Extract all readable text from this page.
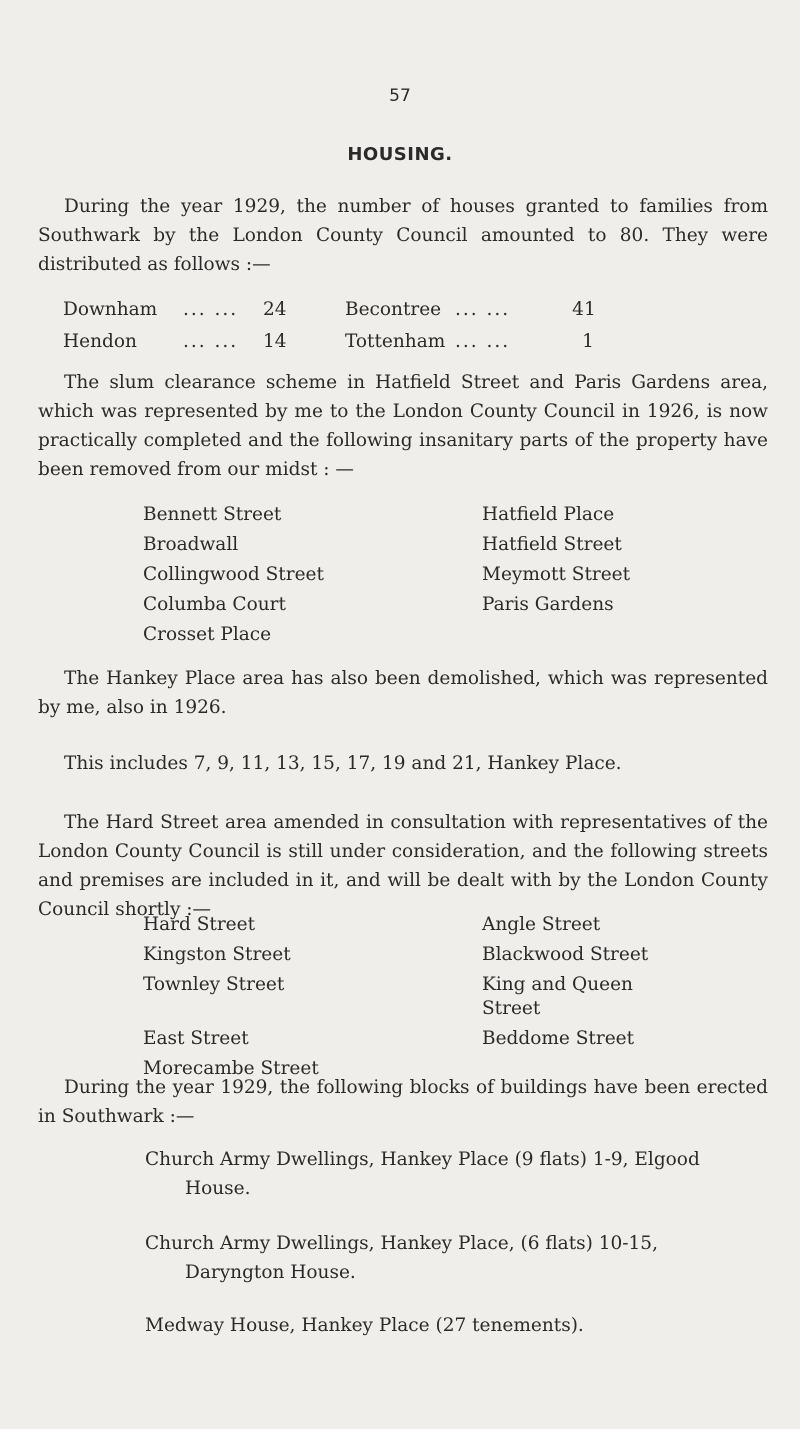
57
HOUSING.

During the year 1929, the number of houses granted to families from Southwark by the London County Council amounted to 80. They were distributed as follows :—

Downham	... ...	24	Becontree ... ...	41
Hendon	... ...	14	Tottenham ... ...	1

The slum clearance scheme in Hatfield Street and Paris Gardens area, which was represented by me to the London County Council in 1926, is now practically completed and the following insanitary parts of the property have been removed from our midst : —

Bennett Street	Hatfield Place
Broadwall	Hatfield Street
Collingwood Street	Meymott Street
Columba Court	Paris Gardens
Crosset Place

The Hankey Place area has also been demolished, which was represented by me, also in 1926.

This includes 7, 9, 11, 13, 15, 17, 19 and 21, Hankey Place.

The Hard Street area amended in consultation with representatives of the London County Council is still under consideration, and the following streets and premises are included in it, and will be dealt with by the London County Council shortly :—

Hard Street	Angle Street
Kingston Street	Blackwood Street
Townley Street	King and Queen Street
East Street	Beddome Street
Morecambe Street

During the year 1929, the following blocks of buildings have been erected in Southwark :—

Church Army Dwellings, Hankey Place (9 flats) 1-9, Elgood
House.
Church Army Dwellings, Hankey Place, (6 flats) 10-15,
Daryngton House.
Medway House, Hankey Place (27 tenements).
